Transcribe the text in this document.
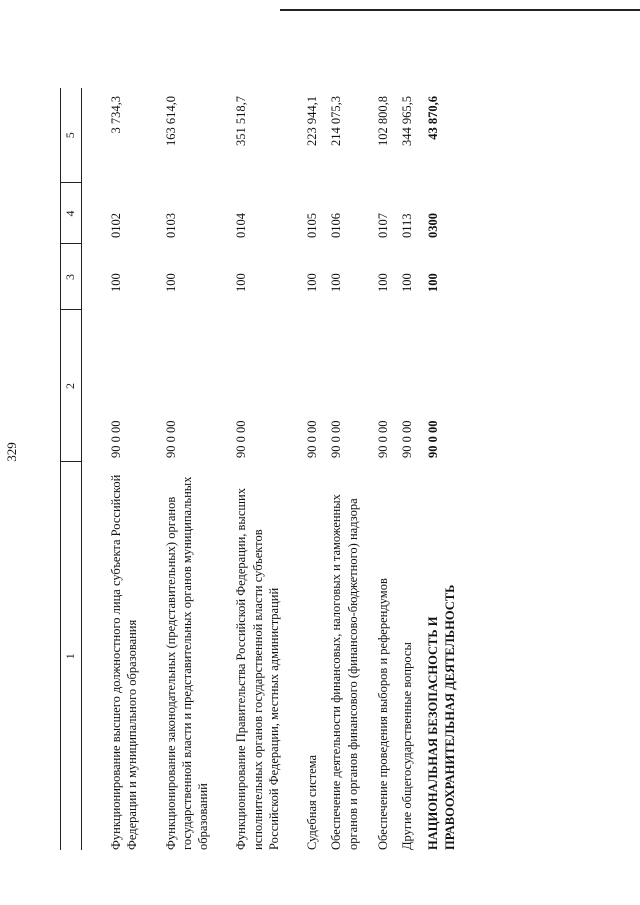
329
1	2	3	4	5
Функционирование высшего должностного лица субъекта Российской Федерации и муниципального образования	90 0 00	100	0102	3 734,3
Функционирование законодательных (представительных) органов государственной власти и представительных органов муниципальных образований	90 0 00	100	0103	163 614,0
Функционирование Правительства Российской Федерации, высших исполнительных органов государственной власти субъектов Российской Федерации, местных администраций	90 0 00	100	0104	351 518,7
Судебная система	90 0 00	100	0105	223 944,1
Обеспечение деятельности финансовых, налоговых и таможенных органов и органов финансового (финансово-бюджетного) надзора	90 0 00	100	0106	214 075,3
Обеспечение проведения выборов и референдумов	90 0 00	100	0107	102 800,8
Другие общегосударственные вопросы	90 0 00	100	0113	344 965,5
НАЦИОНАЛЬНАЯ БЕЗОПАСНОСТЬ И ПРАВООХРАНИТЕЛЬНАЯ ДЕЯТЕЛЬНОСТЬ	90 0 00	100	0300	43 870,6
